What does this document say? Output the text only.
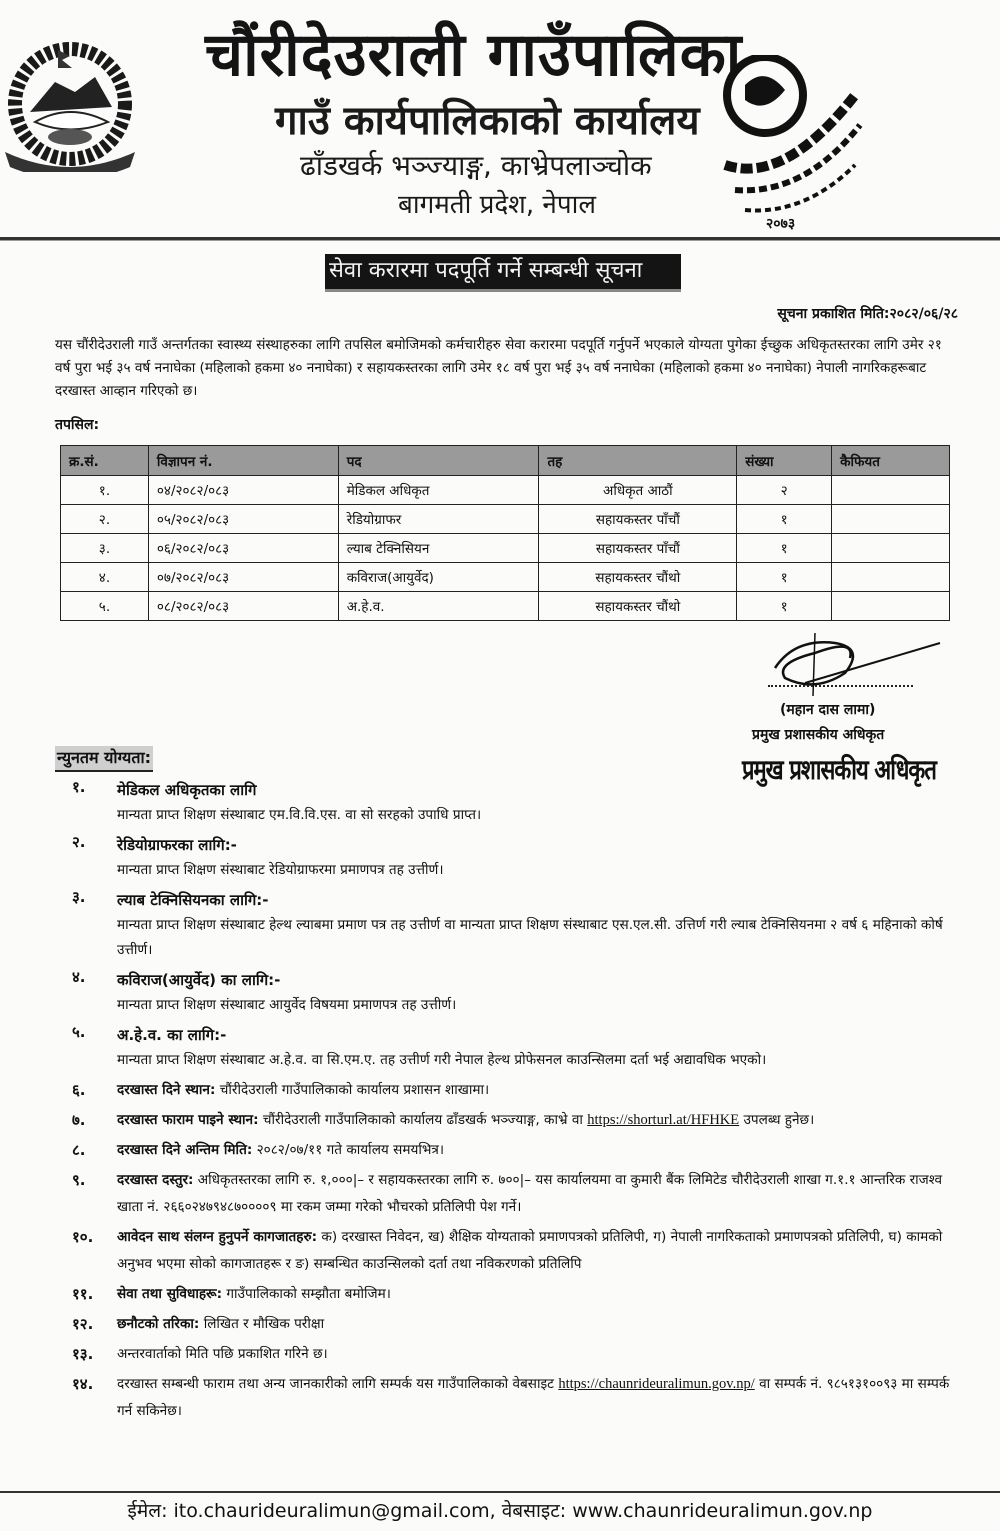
चौंरीदेउराली गाउँपालिका
गाउँ कार्यपालिकाको कार्यालय
ढाँडखर्क भञ्ज्याङ्ग, काभ्रेपलाञ्चोक
बागमती प्रदेश, नेपाल
२०७३
सेवा करारमा पदपूर्ति गर्ने सम्बन्धी सूचना
सूचना प्रकाशित मिति:२०८२/०६/२८

यस चौंरीदेउराली गाउँ अन्तर्गतका स्वास्थ्य संस्थाहरुका लागि तपसिल बमोजिमको कर्मचारीहरु सेवा करारमा पदपूर्ति गर्नुपर्ने भएकाले योग्यता पुगेका ईच्छुक अधिकृतस्तरका लागि उमेर २१ वर्ष पुरा भई ३५ वर्ष ननाघेका (महिलाको हकमा ४० ननाघेका) र सहायकस्तरका लागि उमेर १८ वर्ष पुरा भई ३५ वर्ष ननाघेका (महिलाको हकमा ४० ननाघेका) नेपाली नागरिकहरूबाट दरखास्त आव्हान गरिएको छ।

तपसिल:
क्र.सं.	विज्ञापन नं.	पद	तह	संख्या	कैफियत
१.	०४/२०८२/०८३	मेडिकल अधिकृत	अधिकृत आठौं	२	
२.	०५/२०८२/०८३	रेडियोग्राफर	सहायकस्तर पाँचौं	१	
३.	०६/२०८२/०८३	ल्याब टेक्निसियन	सहायकस्तर पाँचौं	१	
४.	०७/२०८२/०८३	कविराज(आयुर्वेद)	सहायकस्तर चौंथो	१	
५.	०८/२०८२/०८३	अ.हे.व.	सहायकस्तर चौंथो	१	
(महान दास लामा)
प्रमुख प्रशासकीय अधिकृत
प्रमुख प्रशासकीय अधिकृत
न्युनतम योग्यता:
१. मेडिकल अधिकृतका लागि
मान्यता प्राप्त शिक्षण संस्थाबाट एम.वि.वि.एस. वा सो सरहको उपाधि प्राप्त।
२. रेडियोग्राफरका लागि:-
मान्यता प्राप्त शिक्षण संस्थाबाट रेडियोग्राफरमा प्रमाणपत्र तह उत्तीर्ण।
३. ल्याब टेक्निसियनका लागि:-
मान्यता प्राप्त शिक्षण संस्थाबाट हेल्थ ल्याबमा प्रमाण पत्र तह उत्तीर्ण वा मान्यता प्राप्त शिक्षण संस्थाबाट एस.एल.सी. उत्तिर्ण गरी ल्याब टेक्निसियनमा २ वर्ष ६ महिनाको कोर्ष उत्तीर्ण।
४. कविराज(आयुर्वेद) का लागि:-
मान्यता प्राप्त शिक्षण संस्थाबाट आयुर्वेद विषयमा प्रमाणपत्र तह उत्तीर्ण।
५. अ.हे.व. का लागि:-
मान्यता प्राप्त शिक्षण संस्थाबाट अ.हे.व. वा सि.एम.ए. तह उत्तीर्ण गरी नेपाल हेल्थ प्रोफेसनल काउन्सिलमा दर्ता भई अद्यावधिक भएको।
६. दरखास्त दिने स्थान: चौंरीदेउराली गाउँपालिकाको कार्यालय प्रशासन शाखामा।
७. दरखास्त फाराम पाइने स्थान: चौंरीदेउराली गाउँपालिकाको कार्यालय ढाँडखर्क भञ्ज्याङ्ग, काभ्रे वा https://shorturl.at/HFHKE उपलब्ध हुनेछ।
८. दरखास्त दिने अन्तिम मिति: २०८२/०७/११ गते कार्यालय समयभित्र।
९. दरखास्त दस्तुर: अधिकृतस्तरका लागि रु. १,०००|– र सहायकस्तरका लागि रु. ७००|– यस कार्यालयमा वा कुमारी बैंक लिमिटेड चौरीदेउराली शाखा ग.१.१ आन्तरिक राजश्व खाता नं. २६६०२४७९४८७००००९ मा रकम जम्मा गरेको भौचरको प्रतिलिपी पेश गर्ने।
१०. आवेदन साथ संलग्न हुनुपर्ने कागजातहरु: क) दरखास्त निवेदन, ख) शैक्षिक योग्यताको प्रमाणपत्रको प्रतिलिपी, ग) नेपाली नागरिकताको प्रमाणपत्रको प्रतिलिपी, घ) कामको अनुभव भएमा सोको कागजातहरू र ङ) सम्बन्धित काउन्सिलको दर्ता तथा नविकरणको प्रतिलिपि
११. सेवा तथा सुविधाहरू: गाउँपालिकाको सम्झौता बमोजिम।
१२. छनौटको तरिका: लिखित र मौखिक परीक्षा
१३. अन्तरवार्ताको मिति पछि प्रकाशित गरिने छ।
१४. दरखास्त सम्बन्धी फाराम तथा अन्य जानकारीको लागि सम्पर्क यस गाउँपालिकाको वेबसाइट https://chaunrideuralimun.gov.np/ वा सम्पर्क नं. ९८५१३१००९३ मा सम्पर्क गर्न सकिनेछ।
ईमेल: ito.chaurideuralimun@gmail.com, वेबसाइट: www.chaunrideuralimun.gov.np
